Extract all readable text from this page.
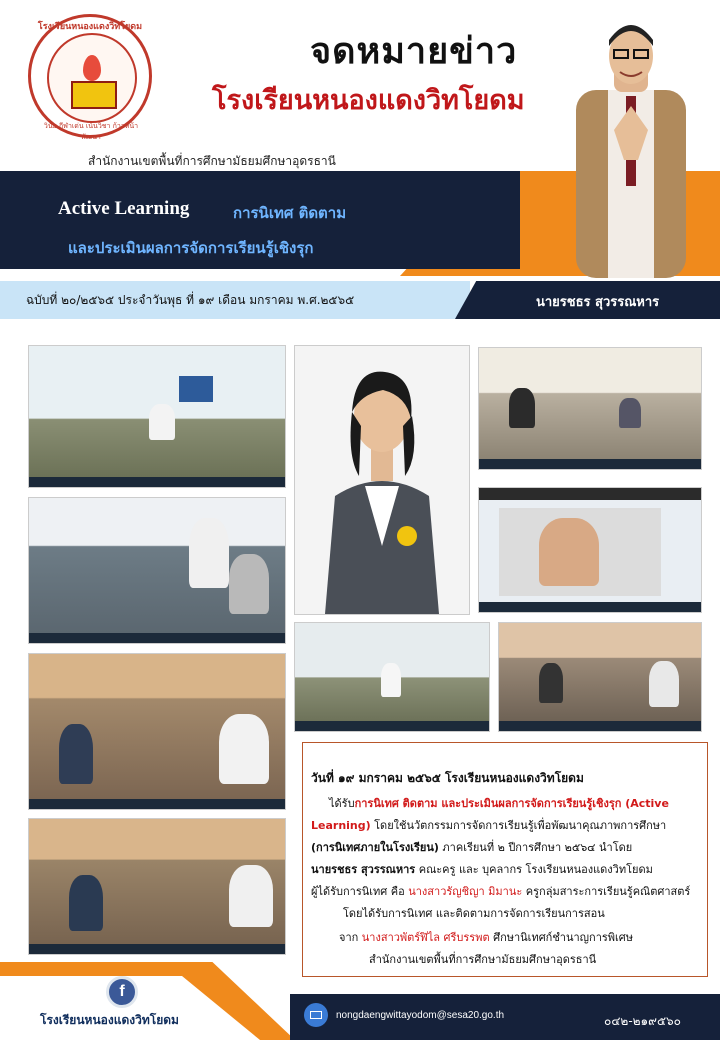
โรงเรียนหนองแดงวิทโยดม
วินัย กีฬาเด่น เน้นวิชา ก้าวหน้าพัฒนา
จดหมายข่าว
โรงเรียนหนองแดงวิทโยดม
สำนักงานเขตพื้นที่การศึกษามัธยมศึกษาอุดรธานี
Active Learning	การนิเทศ ติดตาม
และประเมินผลการจัดการเรียนรู้เชิงรุก
ฉบับที่ ๒๐/๒๕๖๕ ประจำวันพุธ ที่ ๑๙ เดือน มกราคม พ.ศ.๒๕๖๕	นายรชธร สุวรรณหาร
วันที่ ๑๙ มกราคม ๒๕๖๕ โรงเรียนหนองแดงวิทโยดม
ได้รับการนิเทศ ติดตาม และประเมินผลการจัดการเรียนรู้เชิงรุก (Active
Learning) โดยใช้นวัตกรรมการจัดการเรียนรู้เพื่อพัฒนาคุณภาพการศึกษา
(การนิเทศภายในโรงเรียน) ภาคเรียนที่ ๒ ปีการศึกษา ๒๕๖๔ นำโดย
นายรชธร สุวรรณหาร คณะครู และ บุคลากร โรงเรียนหนองแดงวิทโยดม
ผู้ได้รับการนิเทศ คือ นางสาวรัญชิญา มิมานะ ครูกลุ่มสาระการเรียนรู้คณิตศาสตร์
โดยได้รับการนิเทศ และติดตามการจัดการเรียนการสอน
จาก นางสาวพัตร์ฬิไล ศรีบรรพต ศึกษานิเทศก์ชำนาญการพิเศษ
สำนักงานเขตพื้นที่การศึกษามัธยมศึกษาอุดรธานี
f
โรงเรียนหนองแดงวิทโยดม	nongdaengwittayodom@sesa20.go.th	๐๔๒-๒๑๙๕๖๐
